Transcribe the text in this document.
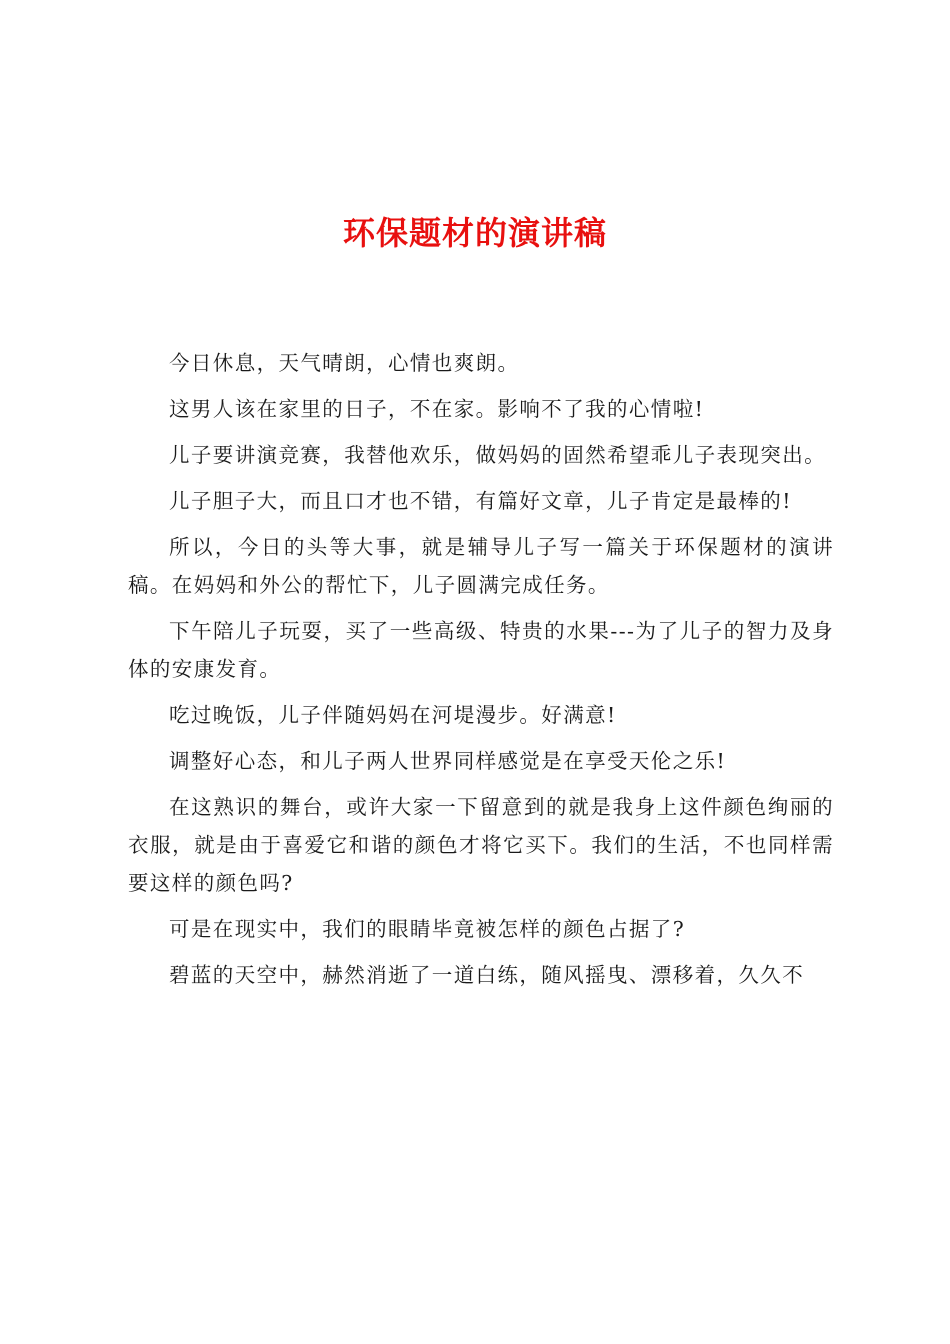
环保题材的演讲稿

今日休息，天气晴朗，心情也爽朗。

这男人该在家里的日子，不在家。影响不了我的心情啦!

儿子要讲演竞赛，我替他欢乐，做妈妈的固然希望乖儿子表现突出。

儿子胆子大，而且口才也不错，有篇好文章，儿子肯定是最棒的!

所以，今日的头等大事，就是辅导儿子写一篇关于环保题材的演讲稿。在妈妈和外公的帮忙下，儿子圆满完成任务。

下午陪儿子玩耍，买了一些高级、特贵的水果---为了儿子的智力及身体的安康发育。

吃过晚饭，儿子伴随妈妈在河堤漫步。好满意!

调整好心态，和儿子两人世界同样感觉是在享受天伦之乐!

在这熟识的舞台，或许大家一下留意到的就是我身上这件颜色绚丽的衣服，就是由于喜爱它和谐的颜色才将它买下。我们的生活，不也同样需要这样的颜色吗?

可是在现实中，我们的眼睛毕竟被怎样的颜色占据了?

碧蓝的天空中，赫然消逝了一道白练，随风摇曳、漂移着，久久不
